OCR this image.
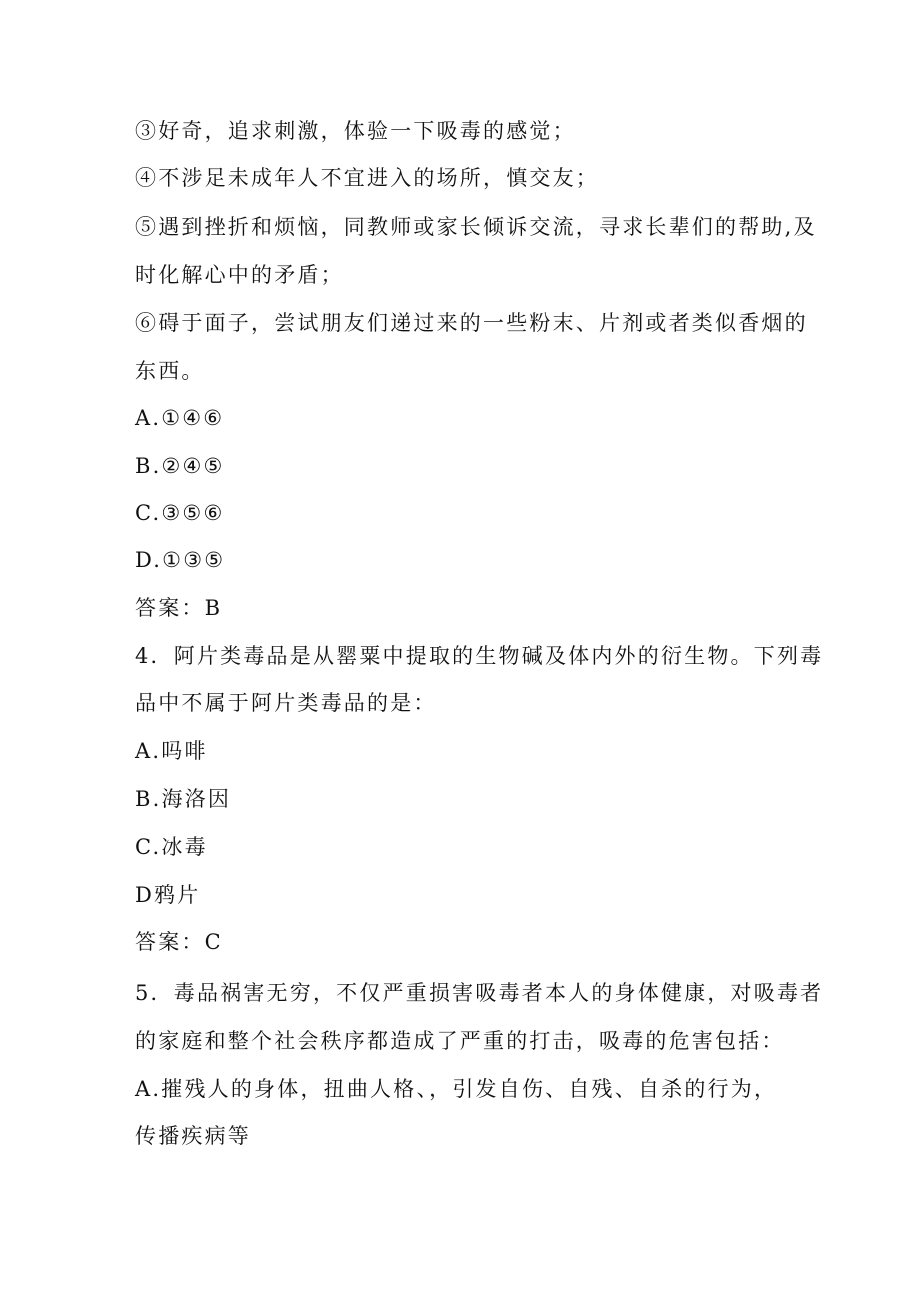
③好奇，追求刺激，体验一下吸毒的感觉；
④不涉足未成年人不宜进入的场所，慎交友；
⑤遇到挫折和烦恼，同教师或家长倾诉交流，寻求长辈们的帮助,及
时化解心中的矛盾；
⑥碍于面子，尝试朋友们递过来的一些粉末、片剂或者类似香烟的
东西。
A.①④⑥
B.②④⑤
C.③⑤⑥
D.①③⑤
答案：B
4．阿片类毒品是从罂粟中提取的生物碱及体内外的衍生物。下列毒
品中不属于阿片类毒品的是：
A.吗啡
B.海洛因
C.冰毒
D鸦片
答案：C
5．毒品祸害无穷，不仅严重损害吸毒者本人的身体健康，对吸毒者
的家庭和整个社会秩序都造成了严重的打击，吸毒的危害包括：
A.摧残人的身体，扭曲人格、，引发自伤、自残、自杀的行为，
传播疾病等
